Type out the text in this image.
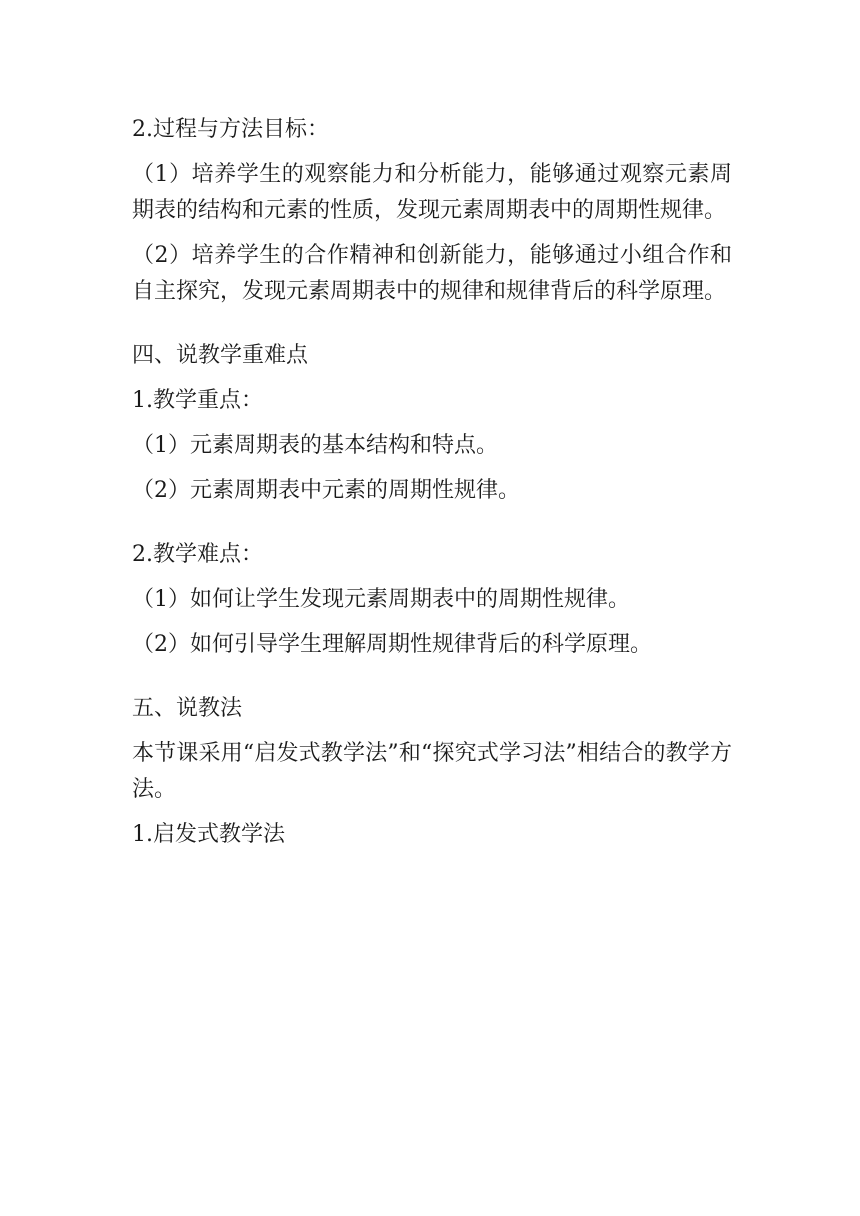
2.过程与方法目标：
（1）培养学生的观察能力和分析能力，能够通过观察元素周期表的结构和元素的性质，发现元素周期表中的周期性规律。
（2）培养学生的合作精神和创新能力，能够通过小组合作和自主探究，发现元素周期表中的规律和规律背后的科学原理。
四、说教学重难点
1.教学重点：
（1）元素周期表的基本结构和特点。
（2）元素周期表中元素的周期性规律。
2.教学难点：
（1）如何让学生发现元素周期表中的周期性规律。
（2）如何引导学生理解周期性规律背后的科学原理。
五、说教法
本节课采用“启发式教学法”和“探究式学习法”相结合的教学方法。
1.启发式教学法
